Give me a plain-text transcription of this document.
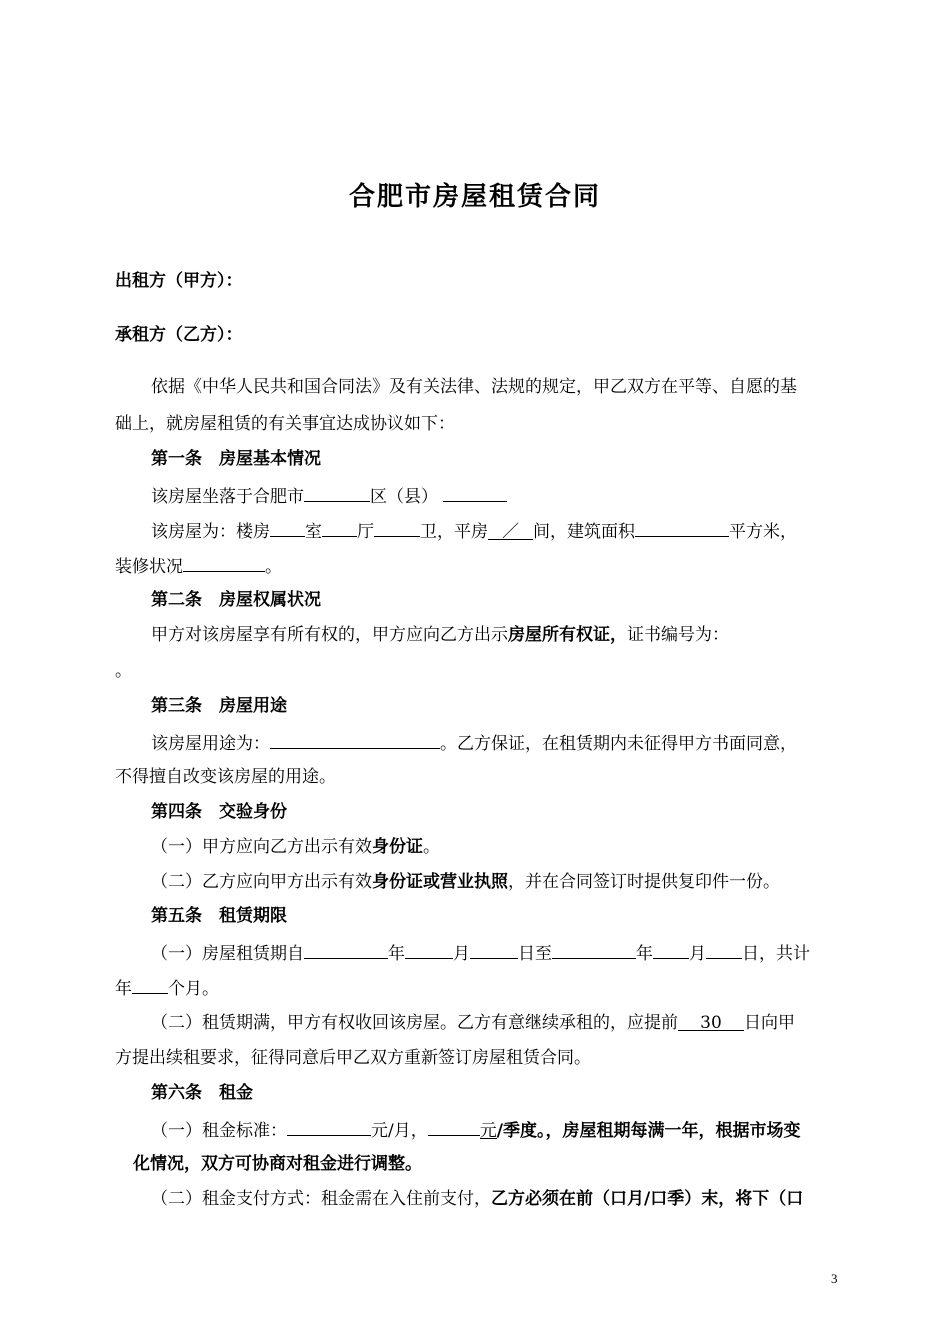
合肥市房屋租赁合同
出租方（甲方）：
承租方（乙方）：
依据《中华人民共和国合同法》及有关法律、法规的规定，甲乙双方在平等、自愿的基
础上，就房屋租赁的有关事宜达成协议如下：
第一条　房屋基本情况
该房屋坐落于合肥市	区（县）
该房屋为：楼房 室 厅	卫，平房 ／ 间，建筑面积	平方米，
装修状况	。
第二条　房屋权属状况
甲方对该房屋享有所有权的，甲方应向乙方出示房屋所有权证，证书编号为：
。
第三条　房屋用途
该房屋用途为：	。乙方保证，在租赁期内未征得甲方书面同意，
不得擅自改变该房屋的用途。
第四条　交验身份
（一）甲方应向乙方出示有效身份证。
（二）乙方应向甲方出示有效身份证或营业执照，并在合同签订时提供复印件一份。
第五条　租赁期限
（一）房屋租赁期自	年	月	日至	年 月 日，共计
年 个月。
（二）租赁期满，甲方有权收回该房屋。乙方有意继续承租的，应提前 30 日向甲
方提出续租要求，征得同意后甲乙双方重新签订房屋租赁合同。
第六条　租金
（一）租金标准：	元/月，	元/季度。，房屋租期每满一年，根据市场变
化情况，双方可协商对租金进行调整。
（二）租金支付方式：租金需在入住前支付，乙方必须在前（口月/口季）末，将下（口
3
